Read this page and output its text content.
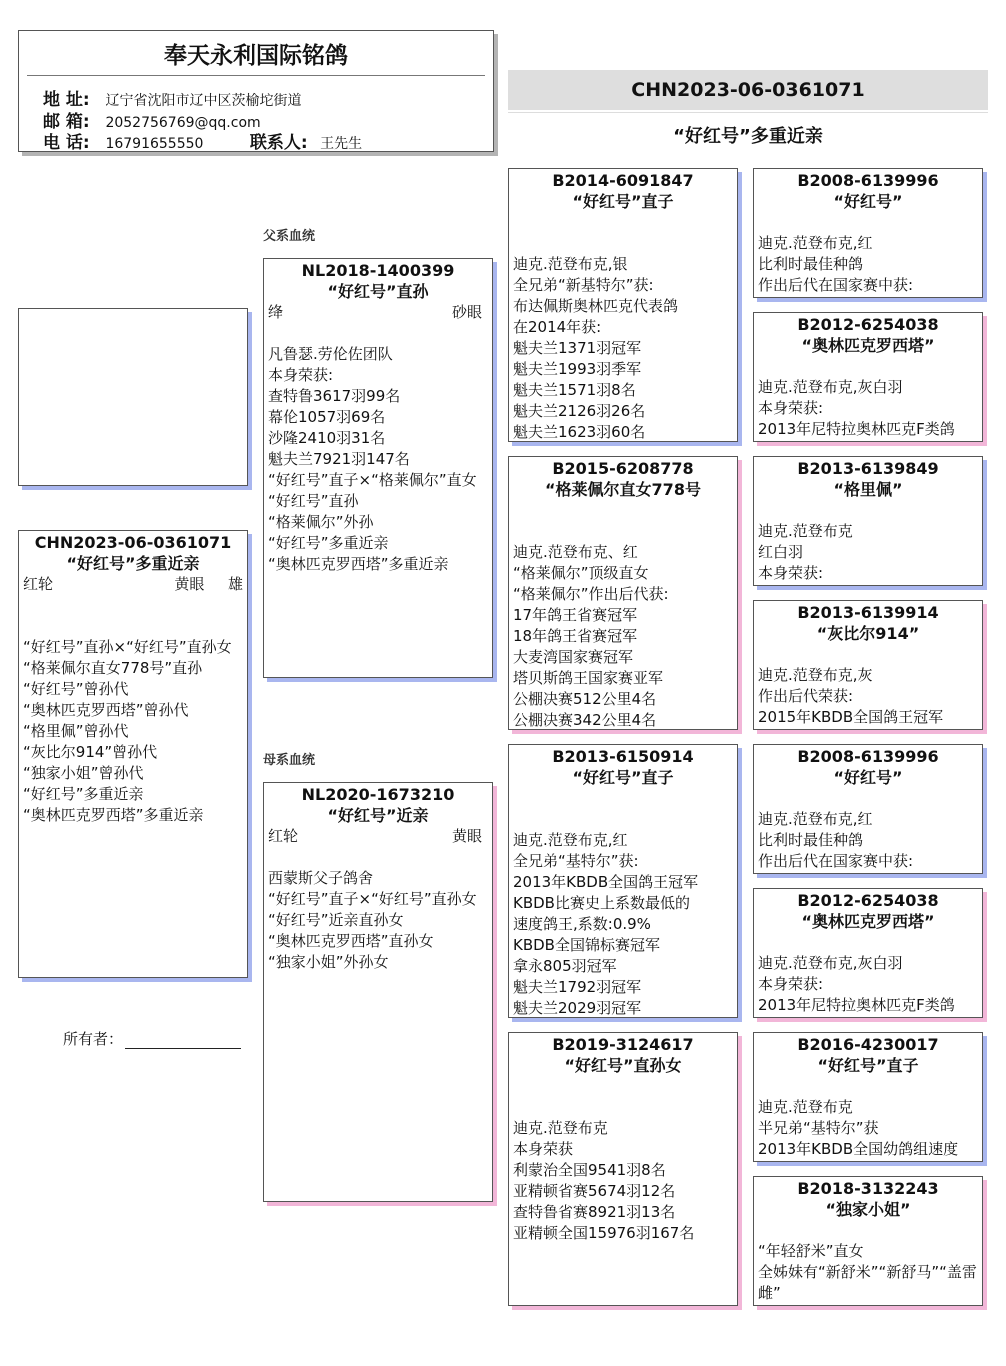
奉天永利国际铭鸽
地 址: 辽宁省沈阳市辽中区茨榆坨街道
邮 箱: 2052756769@qq.com
电 话: 16791655550	联系人: 王先生
CHN2023-06-0361071
“好红号”多重近亲
CHN2023-06-0361071
“好红号”多重近亲
红轮	黄眼 雄
“好红号”直孙×“好红号”直孙女
“格莱佩尔直女778号”直孙
“好红号”曾孙代
“奥林匹克罗西塔”曾孙代
“格里佩”曾孙代
“灰比尔914”曾孙代
“独家小姐”曾孙代
“好红号”多重近亲
“奥林匹克罗西塔”多重近亲
所有者：
父系血统
母系血统
NL2018-1400399
“好红号”直孙
绛	砂眼
凡鲁瑟.劳伦佐团队
本身荣获:
查特鲁3617羽99名
幕伦1057羽69名
沙隆2410羽31名
魁夫兰7921羽147名
“好红号”直子×“格莱佩尔”直女
“好红号”直孙
“格莱佩尔”外孙
“好红号”多重近亲
“奥林匹克罗西塔”多重近亲
NL2020-1673210
“好红号”近亲
红轮	黄眼
西蒙斯父子鸽舍
“好红号”直子×“好红号”直孙女
“好红号”近亲直孙女
“奥林匹克罗西塔”直孙女
“独家小姐”外孙女
B2014-6091847
“好红号”直子
迪克.范登布克,银
全兄弟“新基特尔”获:
布达佩斯奥林匹克代表鸽
在2014年获:
魁夫兰1371羽冠军
魁夫兰1993羽季军
魁夫兰1571羽8名
魁夫兰2126羽26名
魁夫兰1623羽60名
B2015-6208778
“格莱佩尔直女778号
迪克.范登布克、红
“格莱佩尔”顶级直女
“格莱佩尔”作出后代获:
17年鸽王省赛冠军
18年鸽王省赛冠军
大麦湾国家赛冠军
塔贝斯鸽王国家赛亚军
公棚决赛512公里4名
公棚决赛342公里4名
B2013-6150914
“好红号”直子
迪克.范登布克,红
全兄弟“基特尔”获:
2013年KBDB全国鸽王冠军
KBDB比赛史上系数最低的
速度鸽王,系数:0.9%
KBDB全国锦标赛冠军
拿永805羽冠军
魁夫兰1792羽冠军
魁夫兰2029羽冠军
B2019-3124617
“好红号”直孙女
迪克.范登布克
本身荣获
利蒙治全国9541羽8名
亚精顿省赛5674羽12名
查特鲁省赛8921羽13名
亚精顿全国15976羽167名
B2008-6139996
“好红号”
迪克.范登布克,红
比利时最佳种鸽
作出后代在国家赛中获:
B2012-6254038
“奥林匹克罗西塔”
迪克.范登布克,灰白羽
本身荣获:
2013年尼特拉奥林匹克F类鸽
B2013-6139849
“格里佩”
迪克.范登布克
红白羽
本身荣获:
B2013-6139914
“灰比尔914”
迪克.范登布克,灰
作出后代荣获:
2015年KBDB全国鸽王冠军
B2008-6139996
“好红号”
迪克.范登布克,红
比利时最佳种鸽
作出后代在国家赛中获:
B2012-6254038
“奥林匹克罗西塔”
迪克.范登布克,灰白羽
本身荣获:
2013年尼特拉奥林匹克F类鸽
B2016-4230017
“好红号”直子
迪克.范登布克
半兄弟“基特尔”获
2013年KBDB全国幼鸽组速度
B2018-3132243
“独家小姐”
“年轻舒米”直女
全姊妹有“新舒米”“新舒马”“盖雷
雌”
